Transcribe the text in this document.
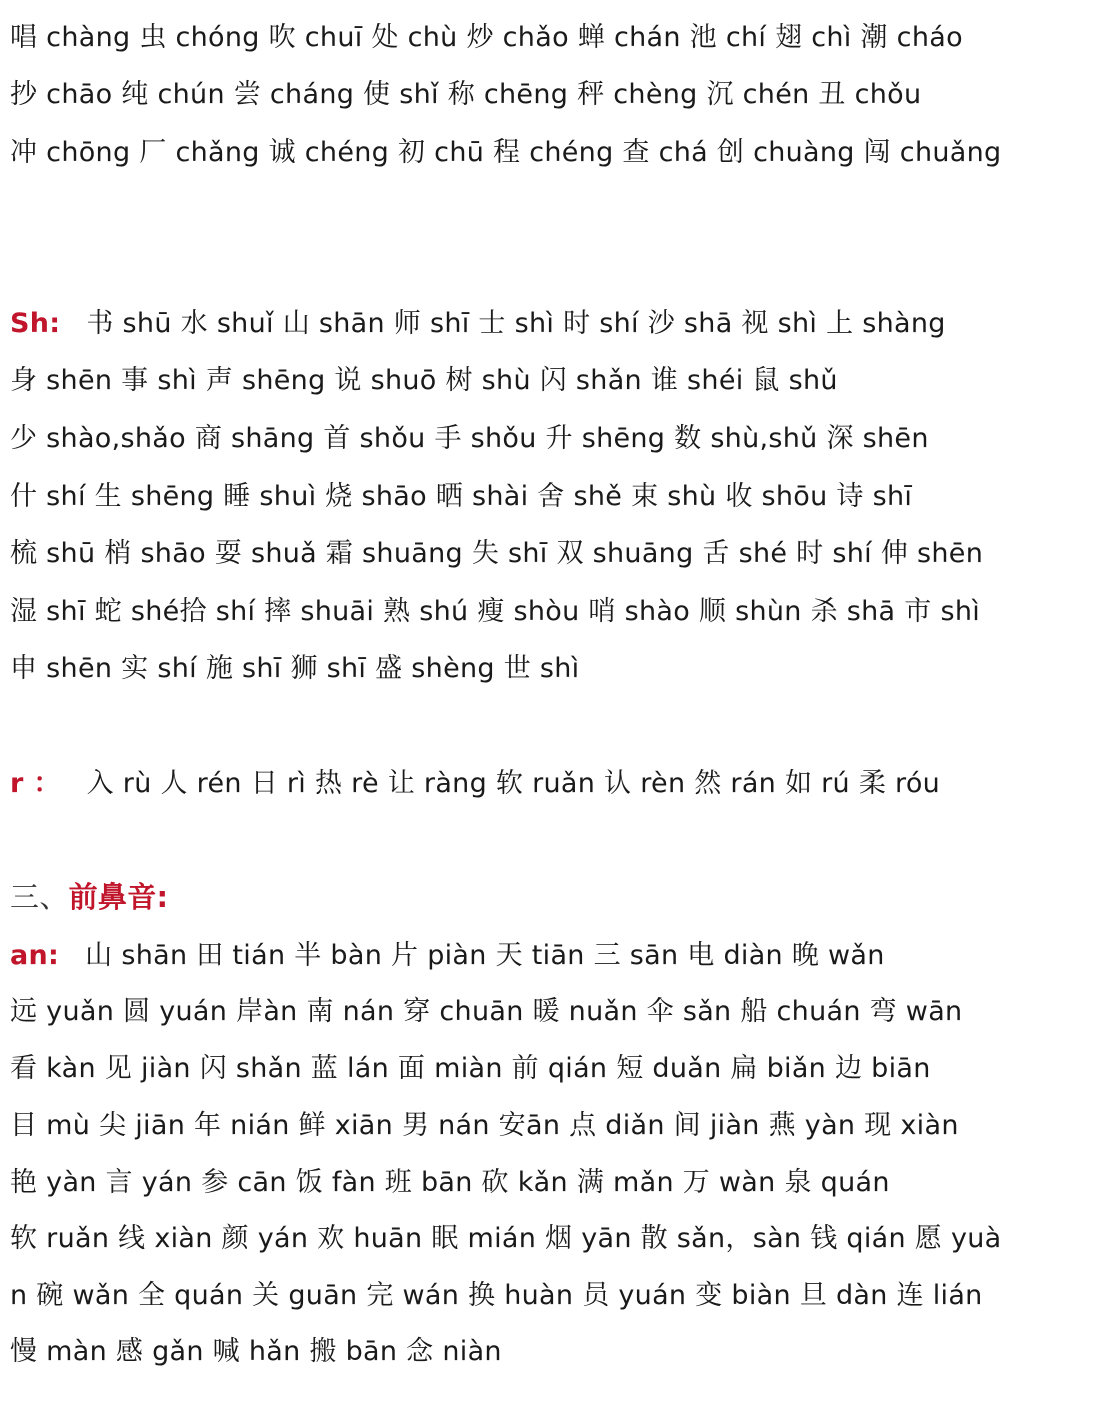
唱 chàng 虫 chóng 吹 chuī 处 chù 炒 chǎo 蝉 chán 池 chí 翅 chì 潮 cháo
抄 chāo 纯 chún 尝 cháng 使 shǐ 称 chēng 秤 chèng 沉 chén 丑 chǒu
冲 chōng 厂 chǎng 诚 chéng 初 chū 程 chéng 查 chá 创 chuàng 闯 chuǎng
Sh: 书 shū 水 shuǐ 山 shān 师 shī 士 shì 时 shí 沙 shā 视 shì 上 shàng
身 shēn 事 shì 声 shēng 说 shuō 树 shù 闪 shǎn 谁 shéi 鼠 shǔ
少 shào,shǎo 商 shāng 首 shǒu 手 shǒu 升 shēng 数 shù,shǔ 深 shēn
什 shí 生 shēng 睡 shuì 烧 shāo 晒 shài 舍 shě 束 shù 收 shōu 诗 shī
梳 shū 梢 shāo 耍 shuǎ 霜 shuāng 失 shī 双 shuāng 舌 shé 时 shí 伸 shēn
湿 shī 蛇 shé拾 shí 摔 shuāi 熟 shú 瘦 shòu 哨 shào 顺 shùn 杀 shā 市 shì
申 shēn 实 shí 施 shī 狮 shī 盛 shèng 世 shì
r ： 入 rù 人 rén 日 rì 热 rè 让 ràng 软 ruǎn 认 rèn 然 rán 如 rú 柔 róu
三、前鼻音:
an: 山 shān 田 tián 半 bàn 片 piàn 天 tiān 三 sān 电 diàn 晚 wǎn
远 yuǎn 圆 yuán 岸àn 南 nán 穿 chuān 暖 nuǎn 伞 sǎn 船 chuán 弯 wān
看 kàn 见 jiàn 闪 shǎn 蓝 lán 面 miàn 前 qián 短 duǎn 扁 biǎn 边 biān
目 mù 尖 jiān 年 nián 鲜 xiān 男 nán 安ān 点 diǎn 间 jiàn 燕 yàn 现 xiàn
艳 yàn 言 yán 参 cān 饭 fàn 班 bān 砍 kǎn 满 mǎn 万 wàn 泉 quán
软 ruǎn 线 xiàn 颜 yán 欢 huān 眠 mián 烟 yān 散 sǎn，sàn 钱 qián 愿 yuà
n 碗 wǎn 全 quán 关 guān 完 wán 换 huàn 员 yuán 变 biàn 旦 dàn 连 lián
慢 màn 感 gǎn 喊 hǎn 搬 bān 念 niàn
